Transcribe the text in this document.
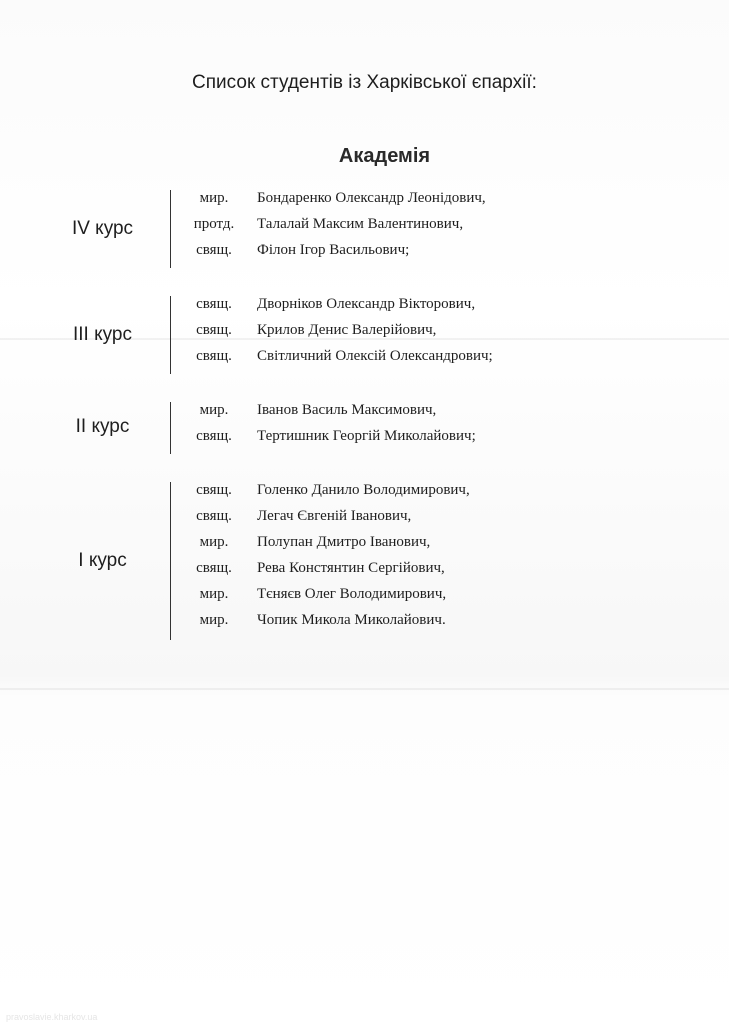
Список студентів із Харківської єпархії:
Академія
IV курс
мир.	Бондаренко Олександр Леонідович,
протд.	Талалай Максим Валентинович,
свящ.	Філон Ігор Васильович;
III курс
свящ.	Дворніков Олександр Вікторович,
свящ.	Крилов Денис Валерійович,
свящ.	Світличний Олексій Олександрович;
II курс
мир.	Іванов Василь Максимович,
свящ.	Тертишник Георгій Миколайович;
I курс
свящ.	Голенко Данило Володимирович,
свящ.	Легач Євгеній Іванович,
мир.	Полупан Дмитро Іванович,
свящ.	Рева Констянтин Сергійович,
мир.	Тєняєв Олег Володимирович,
мир.	Чопик Микола Миколайович.
pravoslaviе.kharkov.ua
